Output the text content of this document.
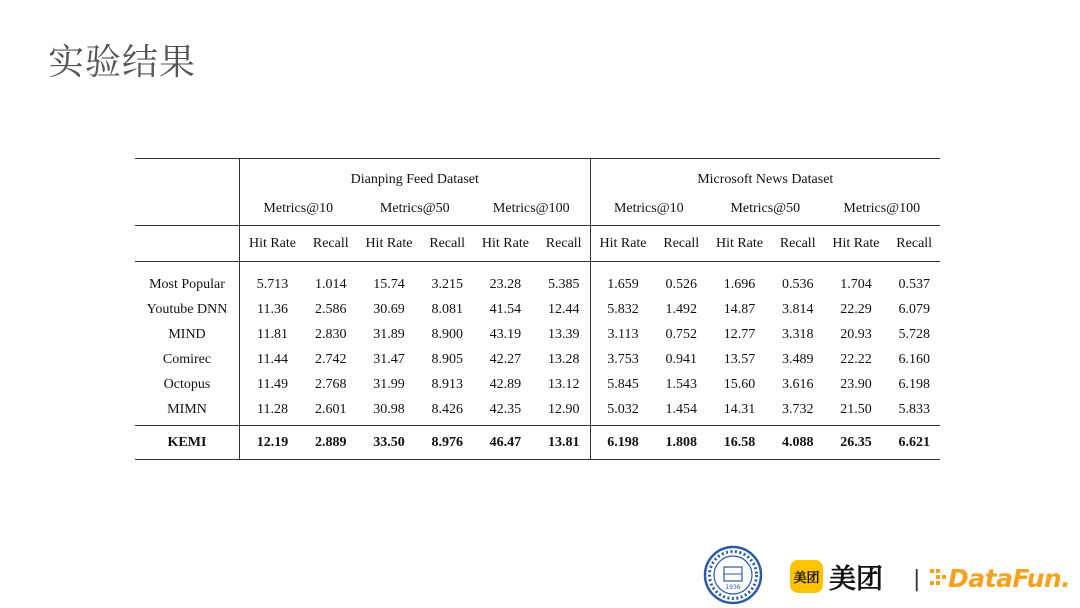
实验结果
	Dianping Feed Dataset						Microsoft News Dataset					
	Metrics@10		Metrics@50		Metrics@100		Metrics@10		Metrics@50		Metrics@100	
	Hit Rate	Recall	Hit Rate	Recall	Hit Rate	Recall	Hit Rate	Recall	Hit Rate	Recall	Hit Rate	Recall
Most Popular	5.713	1.014	15.74	3.215	23.28	5.385	1.659	0.526	1.696	0.536	1.704	0.537
Youtube DNN	11.36	2.586	30.69	8.081	41.54	12.44	5.832	1.492	14.87	3.814	22.29	6.079
MIND	11.81	2.830	31.89	8.900	43.19	13.39	3.113	0.752	12.77	3.318	20.93	5.728
Comirec	11.44	2.742	31.47	8.905	42.27	13.28	3.753	0.941	13.57	3.489	22.22	6.160
Octopus	11.49	2.768	31.99	8.913	42.89	13.12	5.845	1.543	15.60	3.616	23.90	6.198
MIMN	11.28	2.601	30.98	8.426	42.35	12.90	5.032	1.454	14.31	3.732	21.50	5.833
KEMI	12.19	2.889	33.50	8.976	46.47	13.81	6.198	1.808	16.58	4.088	26.35	6.621
1936
美团 美团 | DataFun.
